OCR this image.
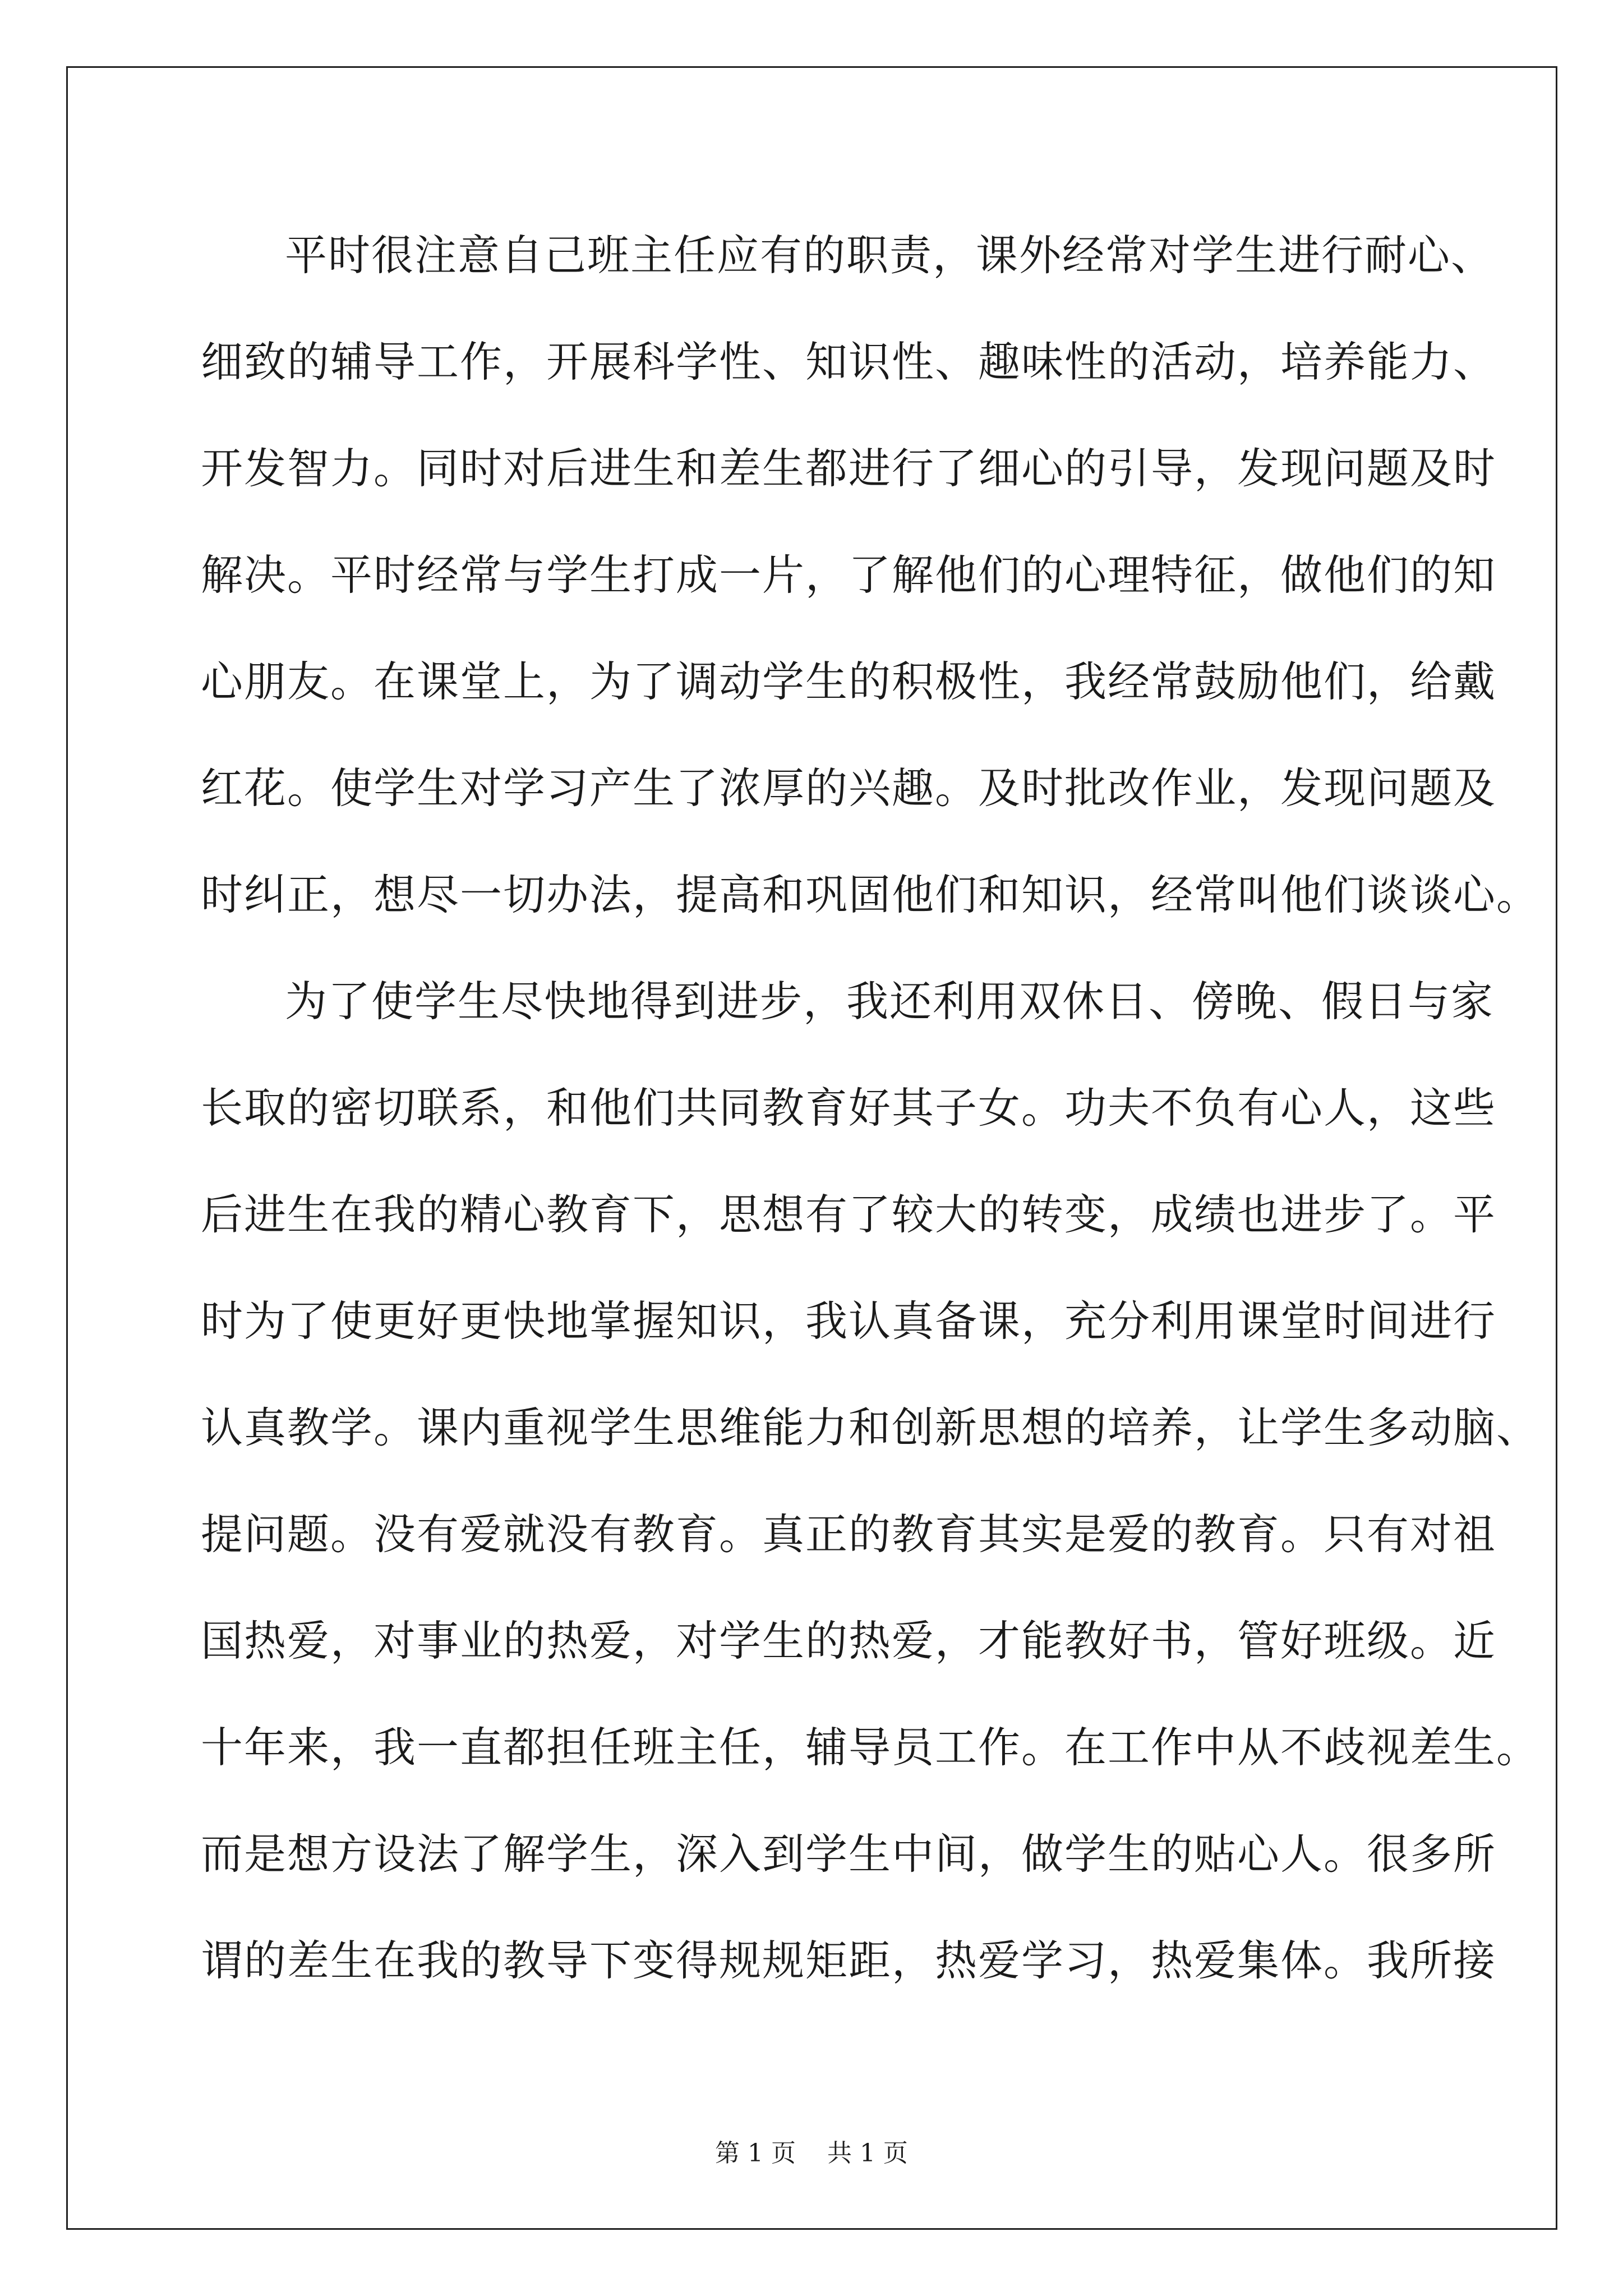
平时很注意自己班主任应有的职责，课外经常对学生进行耐心、
细致的辅导工作，开展科学性、知识性、趣味性的活动，培养能力、
开发智力。同时对后进生和差生都进行了细心的引导，发现问题及时
解决。平时经常与学生打成一片，了解他们的心理特征，做他们的知
心朋友。在课堂上，为了调动学生的积极性，我经常鼓励他们，给戴
红花。使学生对学习产生了浓厚的兴趣。及时批改作业，发现问题及
时纠正，想尽一切办法，提高和巩固他们和知识，经常叫他们谈谈心。
为了使学生尽快地得到进步，我还利用双休日、傍晚、假日与家
长取的密切联系，和他们共同教育好其子女。功夫不负有心人，这些
后进生在我的精心教育下，思想有了较大的转变，成绩也进步了。平
时为了使更好更快地掌握知识，我认真备课，充分利用课堂时间进行
认真教学。课内重视学生思维能力和创新思想的培养，让学生多动脑、
提问题。没有爱就没有教育。真正的教育其实是爱的教育。只有对祖
国热爱，对事业的热爱，对学生的热爱，才能教好书，管好班级。近
十年来，我一直都担任班主任，辅导员工作。在工作中从不歧视差生。
而是想方设法了解学生，深入到学生中间，做学生的贴心人。很多所
谓的差生在我的教导下变得规规矩距，热爱学习，热爱集体。我所接
第 1 页    共 1 页
